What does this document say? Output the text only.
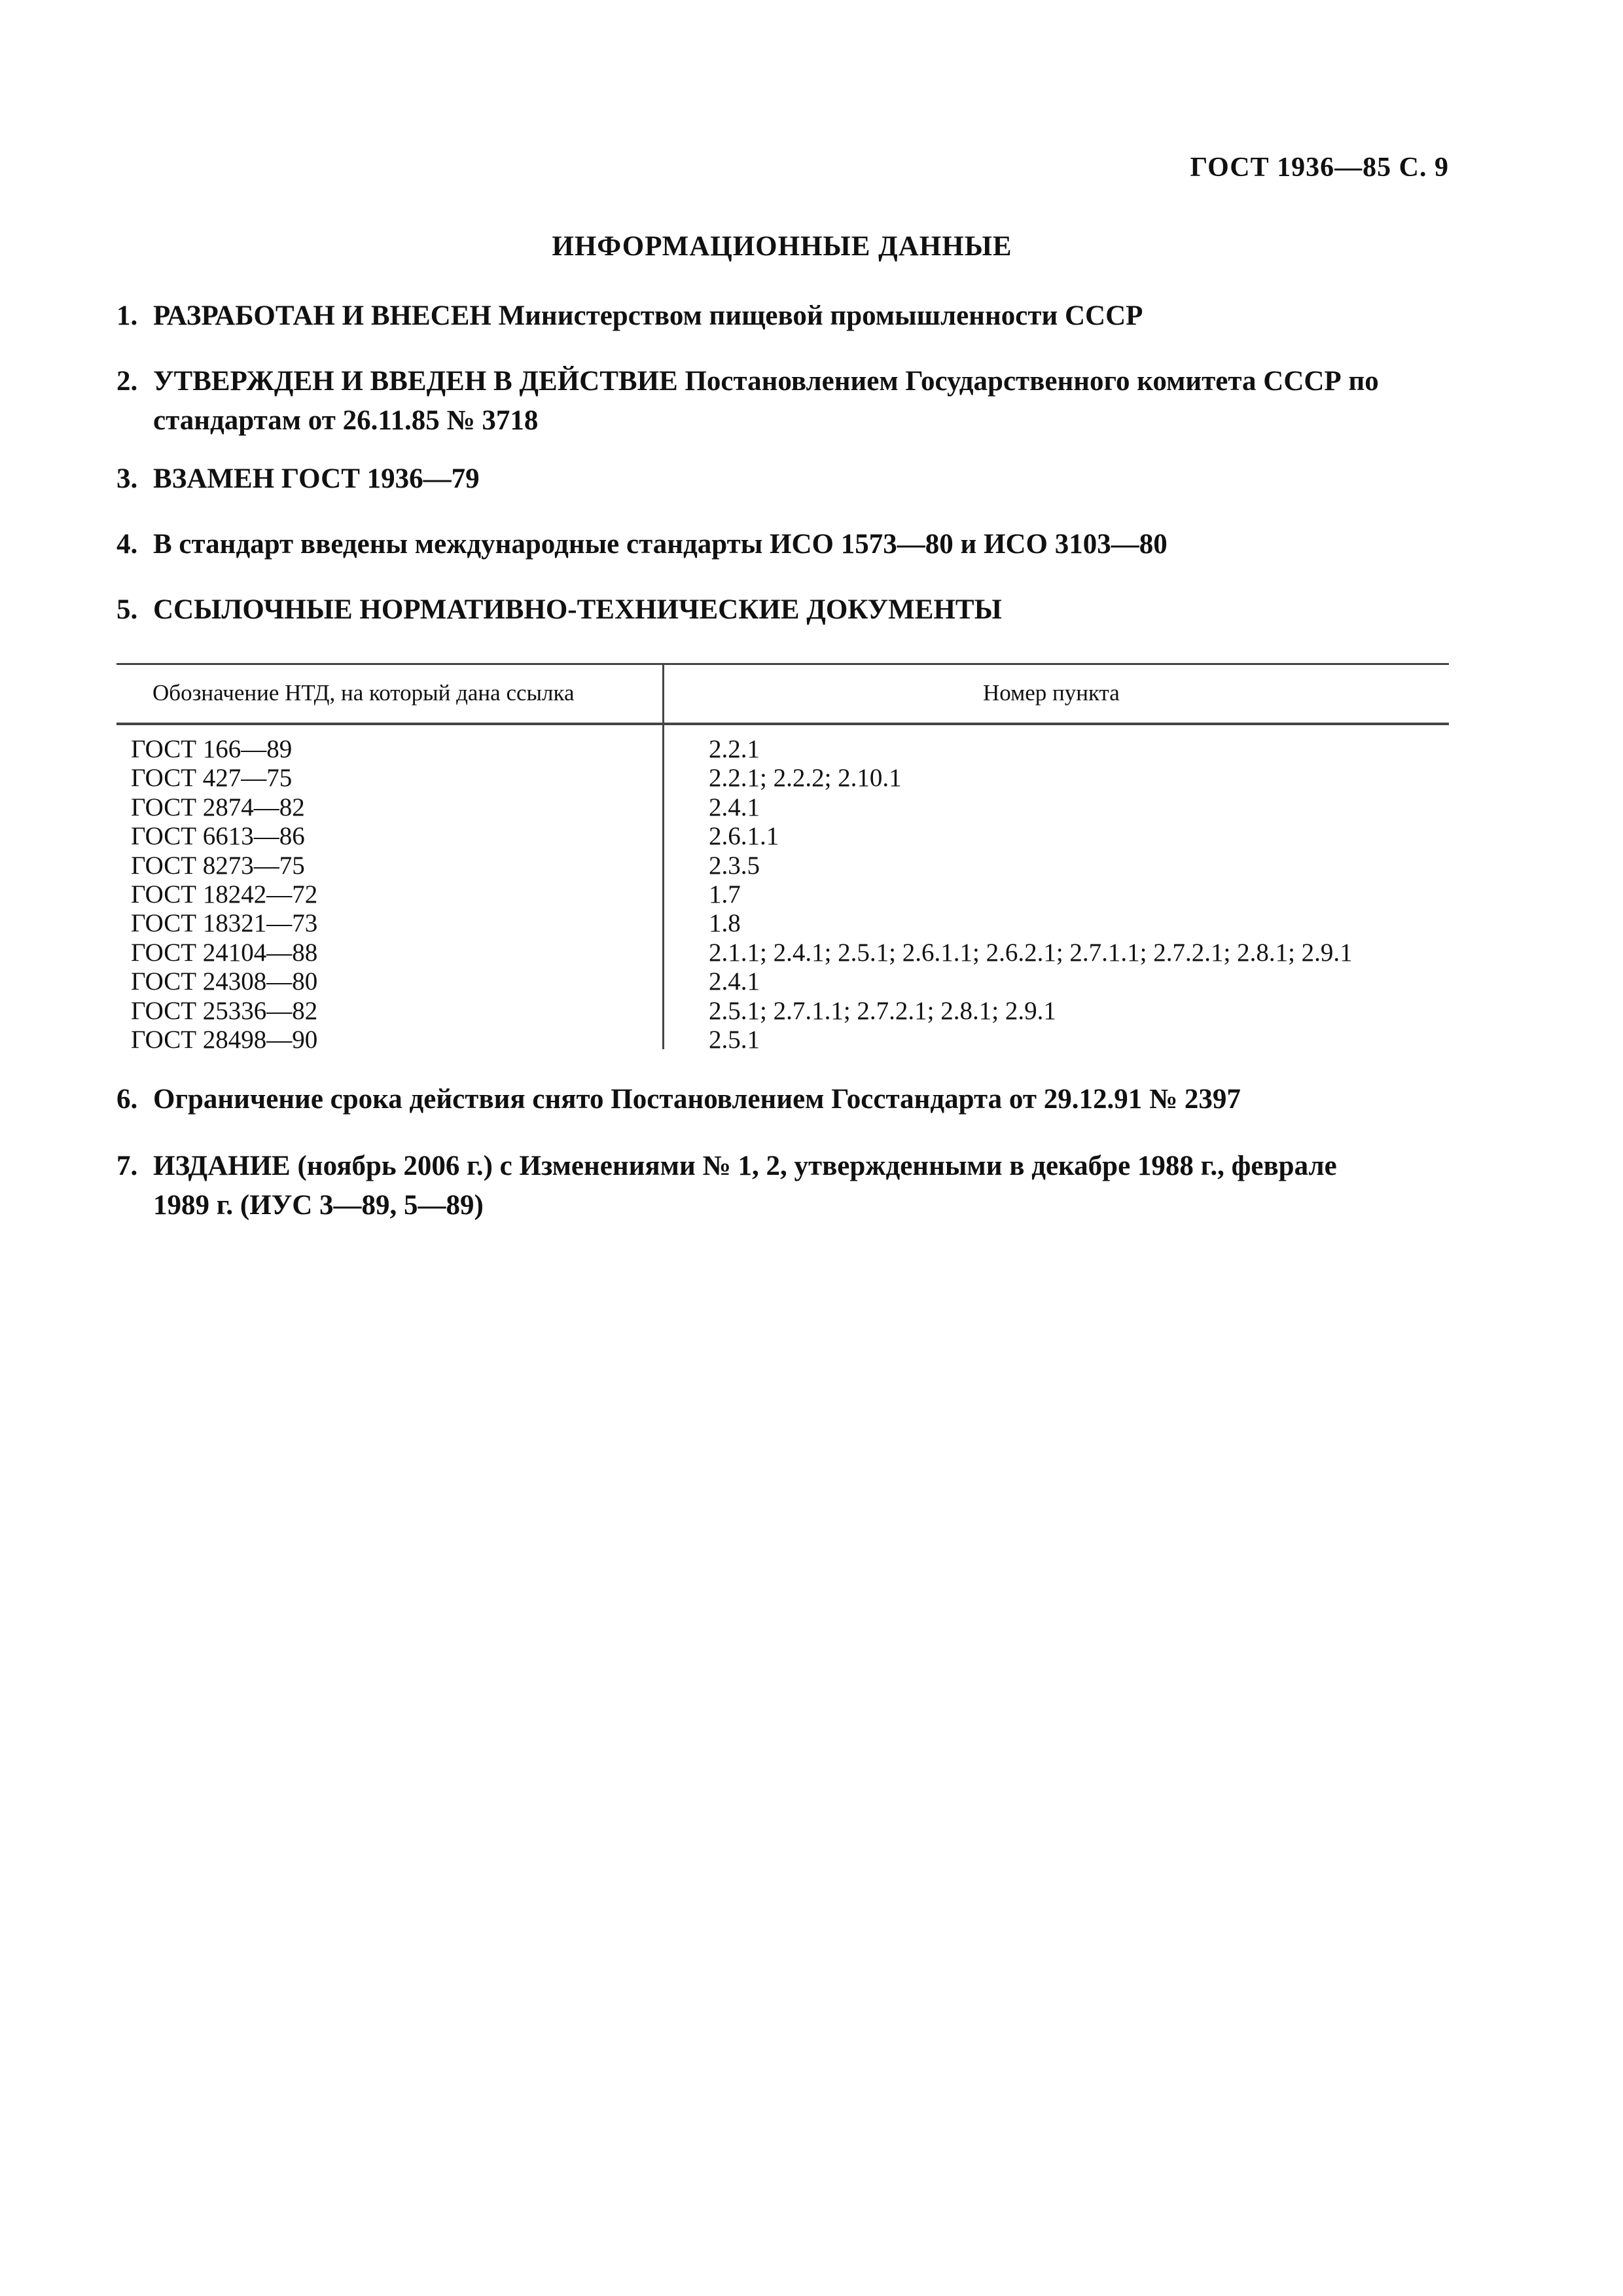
ГОСТ 1936—85 С. 9
ИНФОРМАЦИОННЫЕ ДАННЫЕ
1. РАЗРАБОТАН И ВНЕСЕН Министерством пищевой промышленности СССР
2. УТВЕРЖДЕН И ВВЕДЕН В ДЕЙСТВИЕ Постановлением Государственного комитета СССР по
стандартам от 26.11.85 № 3718
3. ВЗАМЕН ГОСТ 1936—79
4. В стандарт введены международные стандарты ИСО 1573—80 и ИСО 3103—80
5. ССЫЛОЧНЫЕ НОРМАТИВНО-ТЕХНИЧЕСКИЕ ДОКУМЕНТЫ
Обозначение НТД, на который дана ссылка	Номер пункта
ГОСТ 166—89	2.2.1
ГОСТ 427—75	2.2.1; 2.2.2; 2.10.1
ГОСТ 2874—82	2.4.1
ГОСТ 6613—86	2.6.1.1
ГОСТ 8273—75	2.3.5
ГОСТ 18242—72	1.7
ГОСТ 18321—73	1.8
ГОСТ 24104—88	2.1.1; 2.4.1; 2.5.1; 2.6.1.1; 2.6.2.1; 2.7.1.1; 2.7.2.1; 2.8.1; 2.9.1
ГОСТ 24308—80	2.4.1
ГОСТ 25336—82	2.5.1; 2.7.1.1; 2.7.2.1; 2.8.1; 2.9.1
ГОСТ 28498—90	2.5.1
6. Ограничение срока действия снято Постановлением Госстандарта от 29.12.91 № 2397
7. ИЗДАНИЕ (ноябрь 2006 г.) с Изменениями № 1, 2, утвержденными в декабре 1988 г., феврале
1989 г. (ИУС 3—89, 5—89)
